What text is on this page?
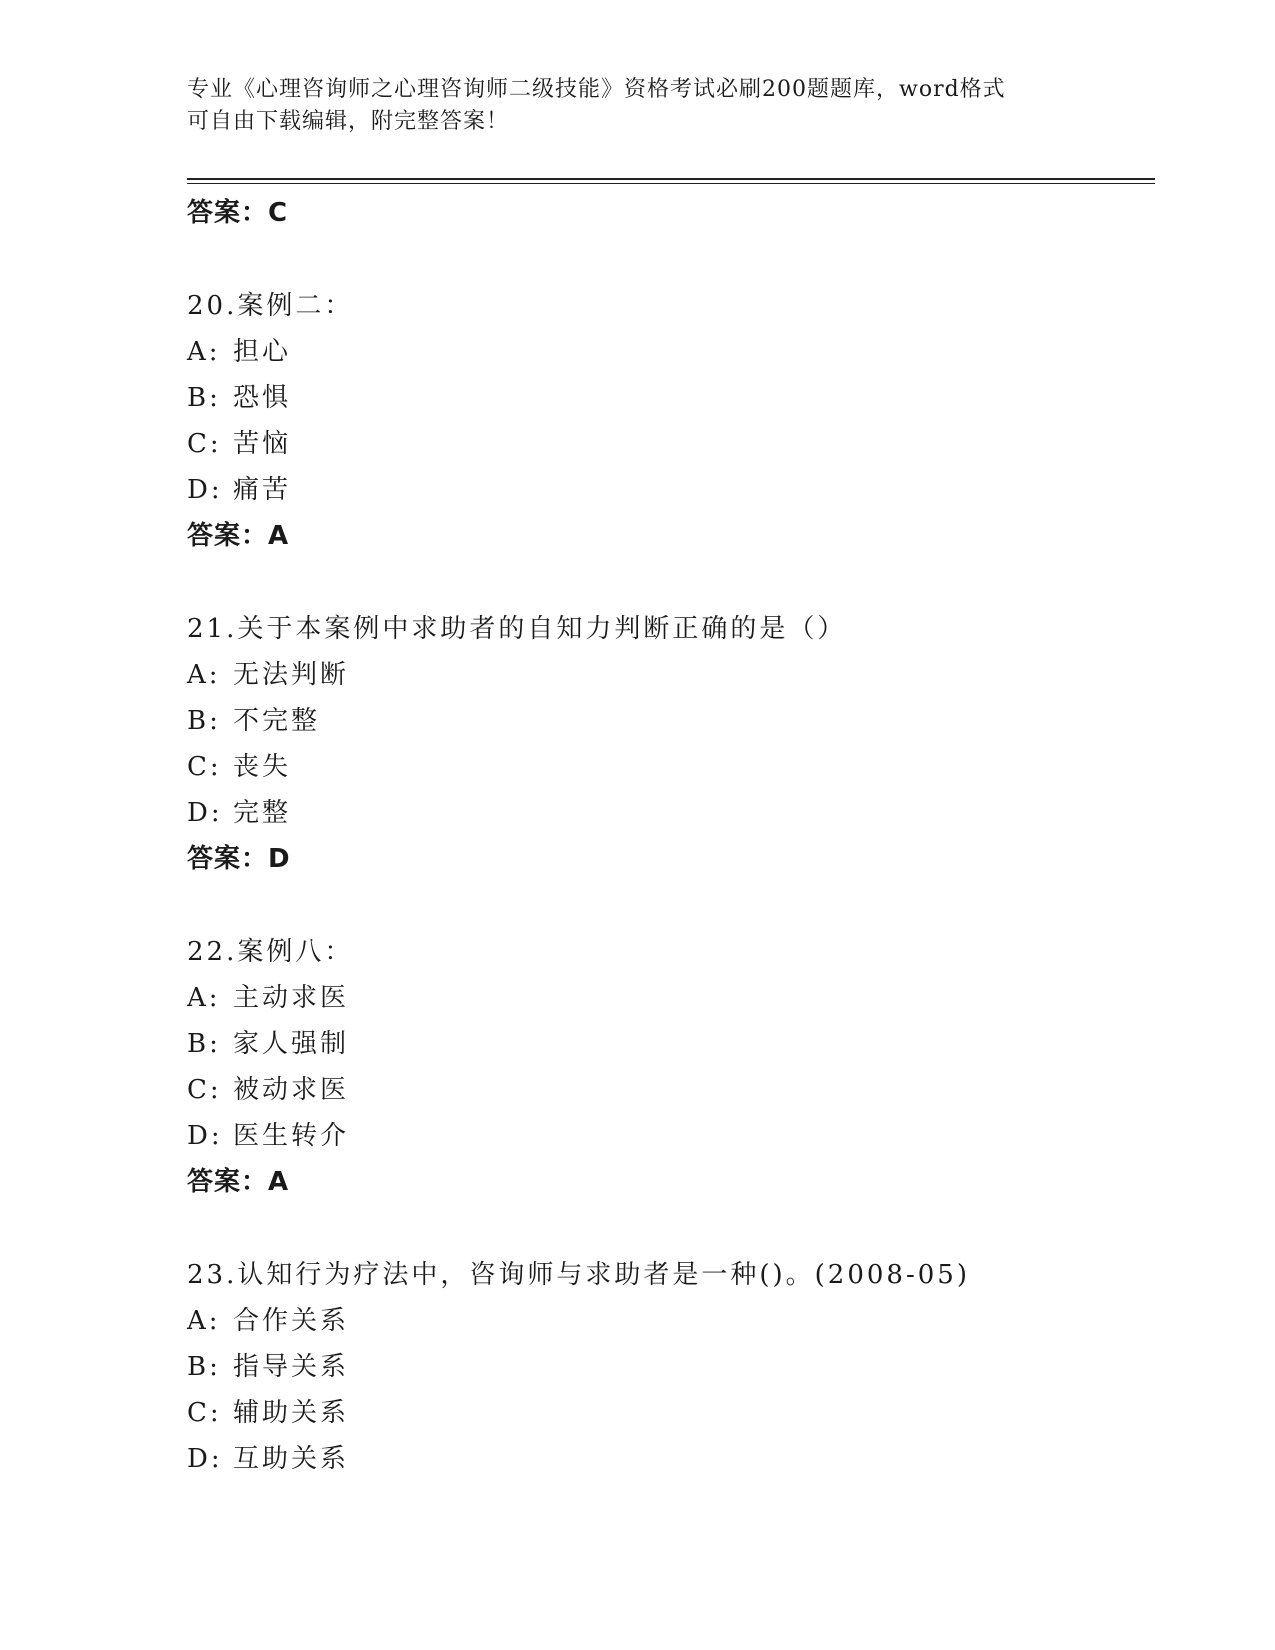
专业《心理咨询师之心理咨询师二级技能》资格考试必刷200题题库，word格式
可自由下载编辑，附完整答案！
答案：C
20.案例二：
A: 担心
B: 恐惧
C: 苦恼
D: 痛苦
答案：A
21.关于本案例中求助者的自知力判断正确的是（）
A: 无法判断
B: 不完整
C: 丧失
D: 完整
答案：D
22.案例八：
A: 主动求医
B: 家人强制
C: 被动求医
D: 医生转介
答案：A
23.认知行为疗法中，咨询师与求助者是一种()。(2008-05)
A: 合作关系
B: 指导关系
C: 辅助关系
D: 互助关系
